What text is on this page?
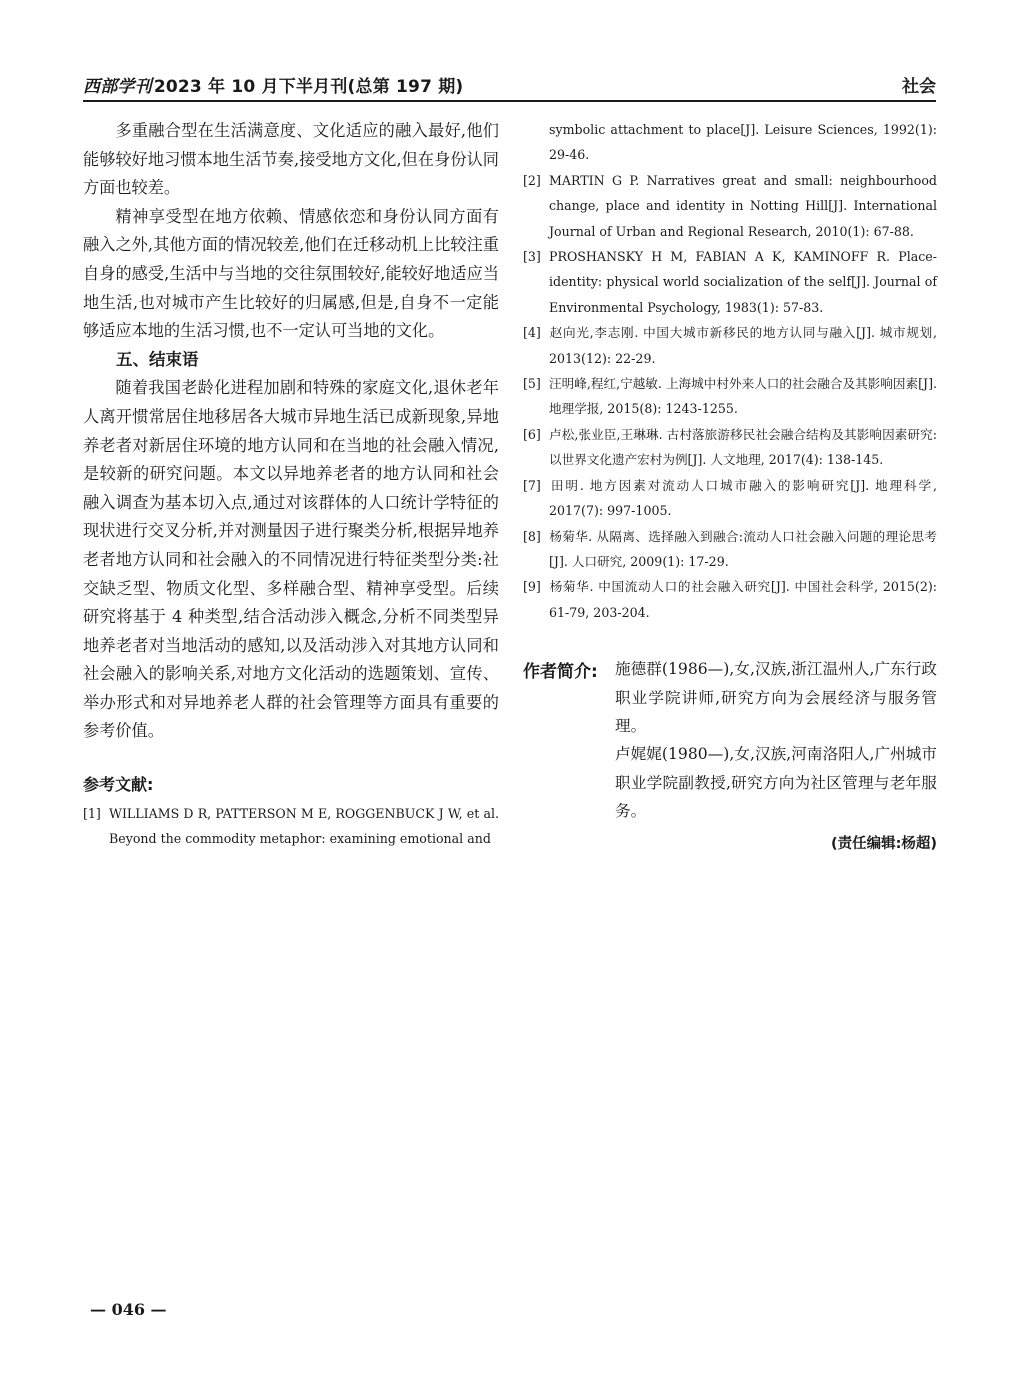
西部学刊 2023 年 10 月下半月刊(总第 197 期)	社会

多重融合型在生活满意度、文化适应的融入最好,他们能够较好地习惯本地生活节奏,接受地方文化,但在身份认同方面也较差。

精神享受型在地方依赖、情感依恋和身份认同方面有融入之外,其他方面的情况较差,他们在迁移动机上比较注重自身的感受,生活中与当地的交往氛围较好,能较好地适应当地生活,也对城市产生比较好的归属感,但是,自身不一定能够适应本地的生活习惯,也不一定认可当地的文化。

五、结束语

随着我国老龄化进程加剧和特殊的家庭文化,退休老年人离开惯常居住地移居各大城市异地生活已成新现象,异地养老者对新居住环境的地方认同和在当地的社会融入情况,是较新的研究问题。本文以异地养老者的地方认同和社会融入调查为基本切入点,通过对该群体的人口统计学特征的现状进行交叉分析,并对测量因子进行聚类分析,根据异地养老者地方认同和社会融入的不同情况进行特征类型分类:社交缺乏型、物质文化型、多样融合型、精神享受型。后续研究将基于 4 种类型,结合活动涉入概念,分析不同类型异地养老者对当地活动的感知,以及活动涉入对其地方认同和社会融入的影响关系,对地方文化活动的选题策划、宣传、举办形式和对异地养老人群的社会管理等方面具有重要的参考价值。

参考文献:

[1] WILLIAMS D R, PATTERSON M E, ROGGENBUCK J W, et al. Beyond the commodity metaphor: examining emotional and

symbolic attachment to place[J]. Leisure Sciences, 1992(1): 29-46.

[2] MARTIN G P. Narratives great and small: neighbourhood change, place and identity in Notting Hill[J]. International Journal of Urban and Regional Research, 2010(1): 67-88.

[3] PROSHANSKY H M, FABIAN A K, KAMINOFF R. Place-identity: physical world socialization of the self[J]. Journal of Environmental Psychology, 1983(1): 57-83.

[4] 赵向光,李志刚. 中国大城市新移民的地方认同与融入[J]. 城市规划, 2013(12): 22-29.

[5] 汪明峰,程红,宁越敏. 上海城中村外来人口的社会融合及其影响因素[J]. 地理学报, 2015(8): 1243-1255.

[6] 卢松,张业臣,王琳琳. 古村落旅游移民社会融合结构及其影响因素研究:以世界文化遗产宏村为例[J]. 人文地理, 2017(4): 138-145.

[7] 田明. 地方因素对流动人口城市融入的影响研究[J]. 地理科学, 2017(7): 997-1005.

[8] 杨菊华. 从隔离、选择融入到融合:流动人口社会融入问题的理论思考[J]. 人口研究, 2009(1): 17-29.

[9] 杨菊华. 中国流动人口的社会融入研究[J]. 中国社会科学, 2015(2): 61-79, 203-204.

作者简介: 施德群(1986—),女,汉族,浙江温州人,广东行政职业学院讲师,研究方向为会展经济与服务管理。

卢娓娓(1980—),女,汉族,河南洛阳人,广州城市职业学院副教授,研究方向为社区管理与老年服务。

(责任编辑:杨超)
— 046 —
